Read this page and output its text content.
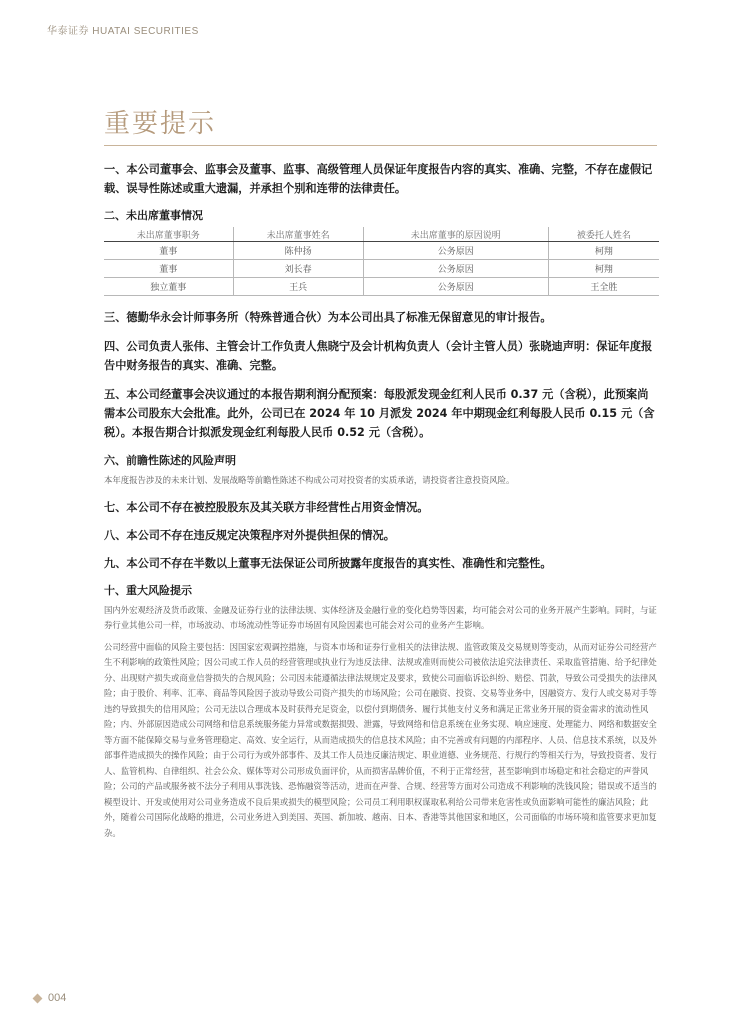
华泰证券 HUATAI SECURITIES
重要提示
一、本公司董事会、监事会及董事、监事、高级管理人员保证年度报告内容的真实、准确、完整，不存在虚假记载、误导性陈述或重大遗漏，并承担个别和连带的法律责任。
二、未出席董事情况
未出席董事职务	未出席董事姓名	未出席董事的原因说明	被委托人姓名
董事	陈仲扬	公务原因	柯翔
董事	刘长春	公务原因	柯翔
独立董事	王兵	公务原因	王全胜
三、德勤华永会计师事务所（特殊普通合伙）为本公司出具了标准无保留意见的审计报告。
四、公司负责人张伟、主管会计工作负责人焦晓宁及会计机构负责人（会计主管人员）张晓迪声明：保证年度报告中财务报告的真实、准确、完整。
五、本公司经董事会决议通过的本报告期利润分配预案：每股派发现金红利人民币 0.37 元（含税），此预案尚需本公司股东大会批准。此外，公司已在 2024 年 10 月派发 2024 年中期现金红利每股人民币 0.15 元（含税）。本报告期合计拟派发现金红利每股人民币 0.52 元（含税）。
六、前瞻性陈述的风险声明
本年度报告涉及的未来计划、发展战略等前瞻性陈述不构成公司对投资者的实质承诺，请投资者注意投资风险。
七、本公司不存在被控股股东及其关联方非经营性占用资金情况。
八、本公司不存在违反规定决策程序对外提供担保的情况。
九、本公司不存在半数以上董事无法保证公司所披露年度报告的真实性、准确性和完整性。
十、重大风险提示
国内外宏观经济及货币政策、金融及证券行业的法律法规、实体经济及金融行业的变化趋势等因素，均可能会对公司的业务开展产生影响。同时，与证券行业其他公司一样，市场波动、市场流动性等证券市场固有风险因素也可能会对公司的业务产生影响。
公司经营中面临的风险主要包括：因国家宏观调控措施，与资本市场和证券行业相关的法律法规、监管政策及交易规则等变动，从而对证券公司经营产生不利影响的政策性风险；因公司或工作人员的经营管理或执业行为违反法律、法规或准则而使公司被依法追究法律责任、采取监管措施、给予纪律处分、出现财产损失或商业信誉损失的合规风险；公司因未能遵循法律法规规定及要求，致使公司面临诉讼纠纷、赔偿、罚款，导致公司受损失的法律风险；由于股价、利率、汇率、商品等风险因子波动导致公司资产损失的市场风险；公司在融资、投资、交易等业务中，因融资方、发行人或交易对手等违约导致损失的信用风险；公司无法以合理成本及时获得充足资金，以偿付到期债务、履行其他支付义务和满足正常业务开展的资金需求的流动性风险；内、外部原因造成公司网络和信息系统服务能力异常或数据损毁、泄露，导致网络和信息系统在业务实现、响应速度、处理能力、网络和数据安全等方面不能保障交易与业务管理稳定、高效、安全运行，从而造成损失的信息技术风险；由不完善或有问题的内部程序、人员、信息技术系统，以及外部事件造成损失的操作风险；由于公司行为或外部事件、及其工作人员违反廉洁规定、职业道德、业务规范、行规行约等相关行为，导致投资者、发行人、监管机构、自律组织、社会公众、媒体等对公司形成负面评价，从而损害品牌价值，不利于正常经营，甚至影响到市场稳定和社会稳定的声誉风险；公司的产品或服务被不法分子利用从事洗钱、恐怖融资等活动，进而在声誉、合规、经营等方面对公司造成不利影响的洗钱风险；错误或不适当的模型设计、开发或使用对公司业务造成不良后果或损失的模型风险；公司员工利用职权谋取私利给公司带来危害性或负面影响可能性的廉洁风险；此外，随着公司国际化战略的推进，公司业务进入到美国、英国、新加坡、越南、日本、香港等其他国家和地区，公司面临的市场环境和监管要求更加复杂。
004
